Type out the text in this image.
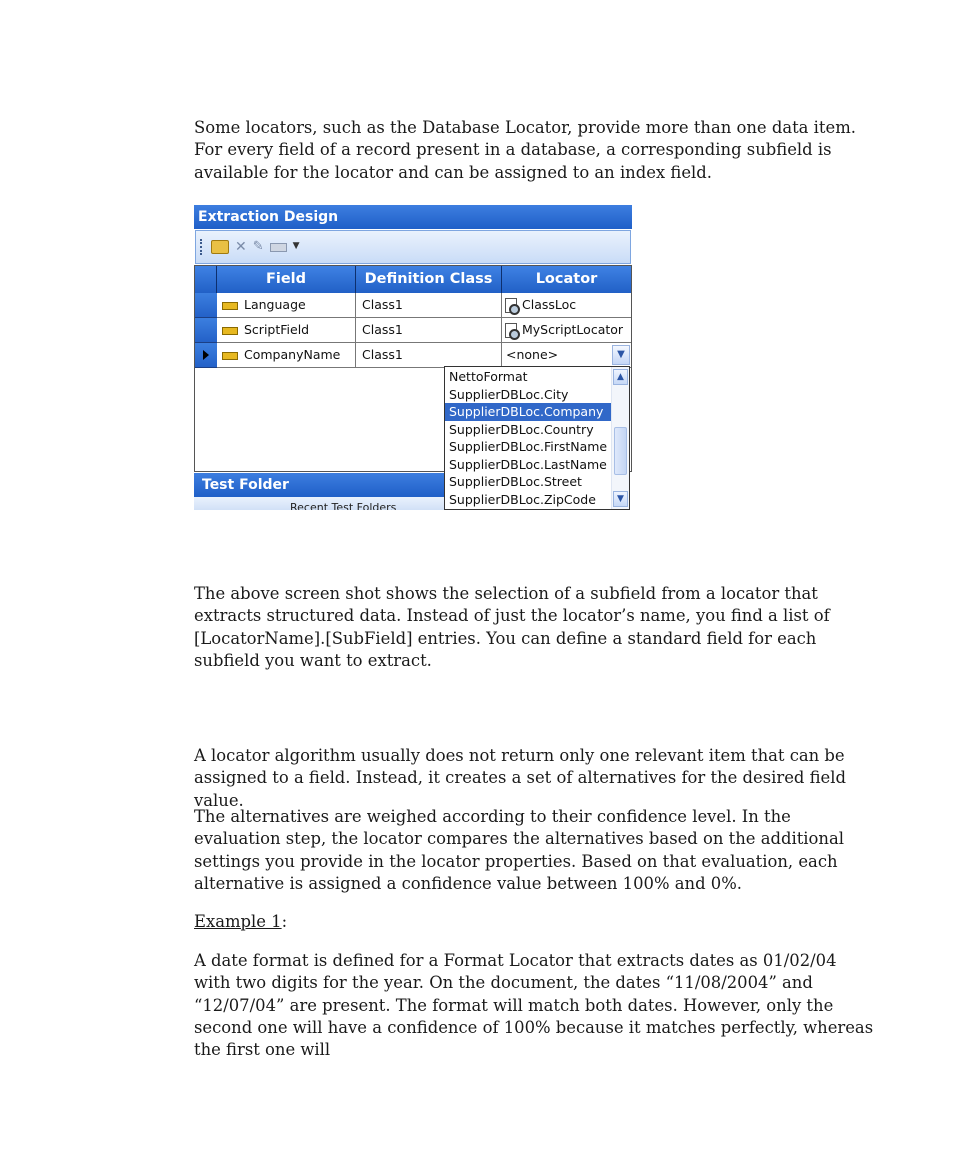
Some locators, such as the Database Locator, provide more than one data item. For every field of a record present in a database, a corresponding subfield is available for the locator and can be assigned to an index field.

Extraction Design
✕ ✎	▼
Field	Definition Class	Locator
Language	Class1	ClassLoc
ScriptField	Class1	MyScriptLocator
CompanyName	Class1	<none>	▼
Test Folder
Recent Test Folders
NettoFormat
SupplierDBLoc.City
SupplierDBLoc.Company
SupplierDBLoc.Country
SupplierDBLoc.FirstName
SupplierDBLoc.LastName
SupplierDBLoc.Street
SupplierDBLoc.ZipCode
▲
▼

The above screen shot shows the selection of a subfield from a locator that extracts structured data. Instead of just the locator’s name, you find a list of [LocatorName].[SubField] entries. You can define a standard field for each subfield you want to extract.

A locator algorithm usually does not return only one relevant item that can be assigned to a field. Instead, it creates a set of alternatives for the desired field value.

The alternatives are weighed according to their confidence level. In the evaluation step, the locator compares the alternatives based on the additional settings you provide in the locator properties. Based on that evaluation, each alternative is assigned a confidence value between 100% and 0%.

Example 1:

A date format is defined for a Format Locator that extracts dates as 01/02/04 with two digits for the year. On the document, the dates “11/08/2004” and “12/07/04” are present. The format will match both dates. However, only the second one will have a confidence of 100% because it matches perfectly, whereas the first one will
